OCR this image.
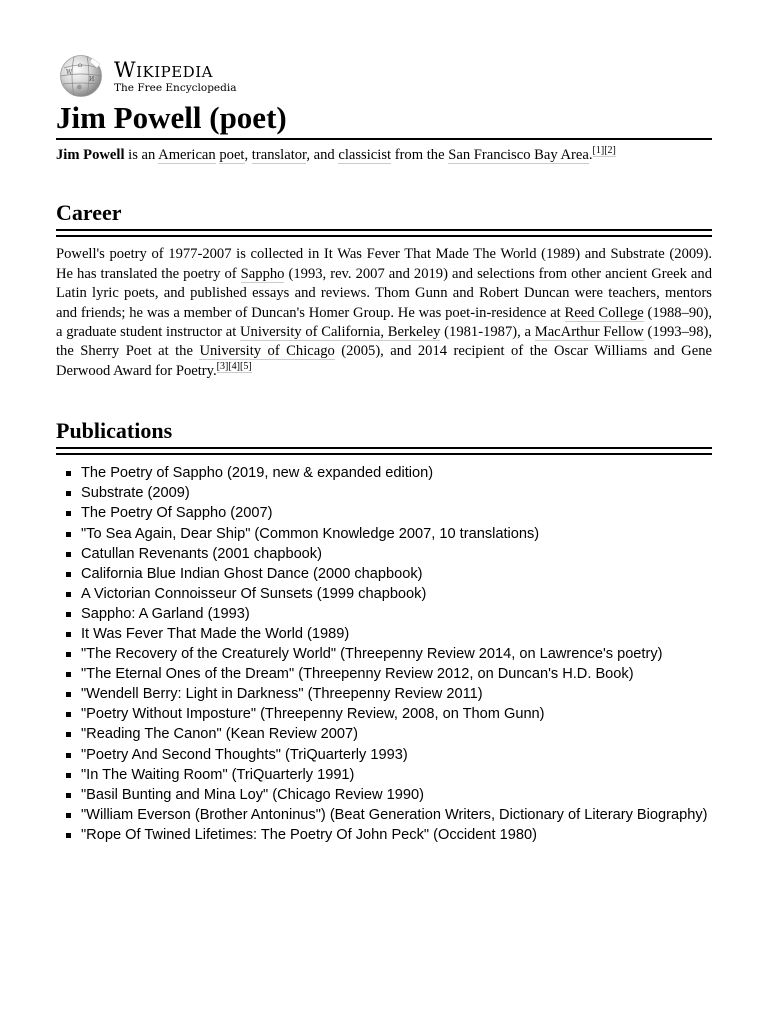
W
Ω
И
維
Wikipedia
The Free Encyclopedia
Jim Powell (poet)

Jim Powell is an American poet, translator, and classicist from the San Francisco Bay Area.[1][2]

Career

Powell's poetry of 1977-2007 is collected in It Was Fever That Made The World (1989) and Substrate (2009). He has translated the poetry of Sappho (1993, rev. 2007 and 2019) and selections from other ancient Greek and Latin lyric poets, and published essays and reviews. Thom Gunn and Robert Duncan were teachers, mentors and friends; he was a member of Duncan's Homer Group. He was poet-in-residence at Reed College (1988–90), a graduate student instructor at University of California, Berkeley (1981-1987), a MacArthur Fellow (1993–98), the Sherry Poet at the University of Chicago (2005), and 2014 recipient of the Oscar Williams and Gene Derwood Award for Poetry.[3][4][5]

Publications
The Poetry of Sappho (2019, new & expanded edition)
Substrate (2009)
The Poetry Of Sappho (2007)
"To Sea Again, Dear Ship" (Common Knowledge 2007, 10 translations)
Catullan Revenants (2001 chapbook)
California Blue Indian Ghost Dance (2000 chapbook)
A Victorian Connoisseur Of Sunsets (1999 chapbook)
Sappho: A Garland (1993)
It Was Fever That Made the World (1989)
"The Recovery of the Creaturely World" (Threepenny Review 2014, on Lawrence's poetry)
"The Eternal Ones of the Dream" (Threepenny Review 2012, on Duncan's H.D. Book)
"Wendell Berry: Light in Darkness" (Threepenny Review 2011)
"Poetry Without Imposture" (Threepenny Review, 2008, on Thom Gunn)
"Reading The Canon" (Kean Review 2007)
"Poetry And Second Thoughts" (TriQuarterly 1993)
"In The Waiting Room" (TriQuarterly 1991)
"Basil Bunting and Mina Loy" (Chicago Review 1990)
"William Everson (Brother Antoninus") (Beat Generation Writers, Dictionary of Literary Biography)
"Rope Of Twined Lifetimes: The Poetry Of John Peck" (Occident 1980)
